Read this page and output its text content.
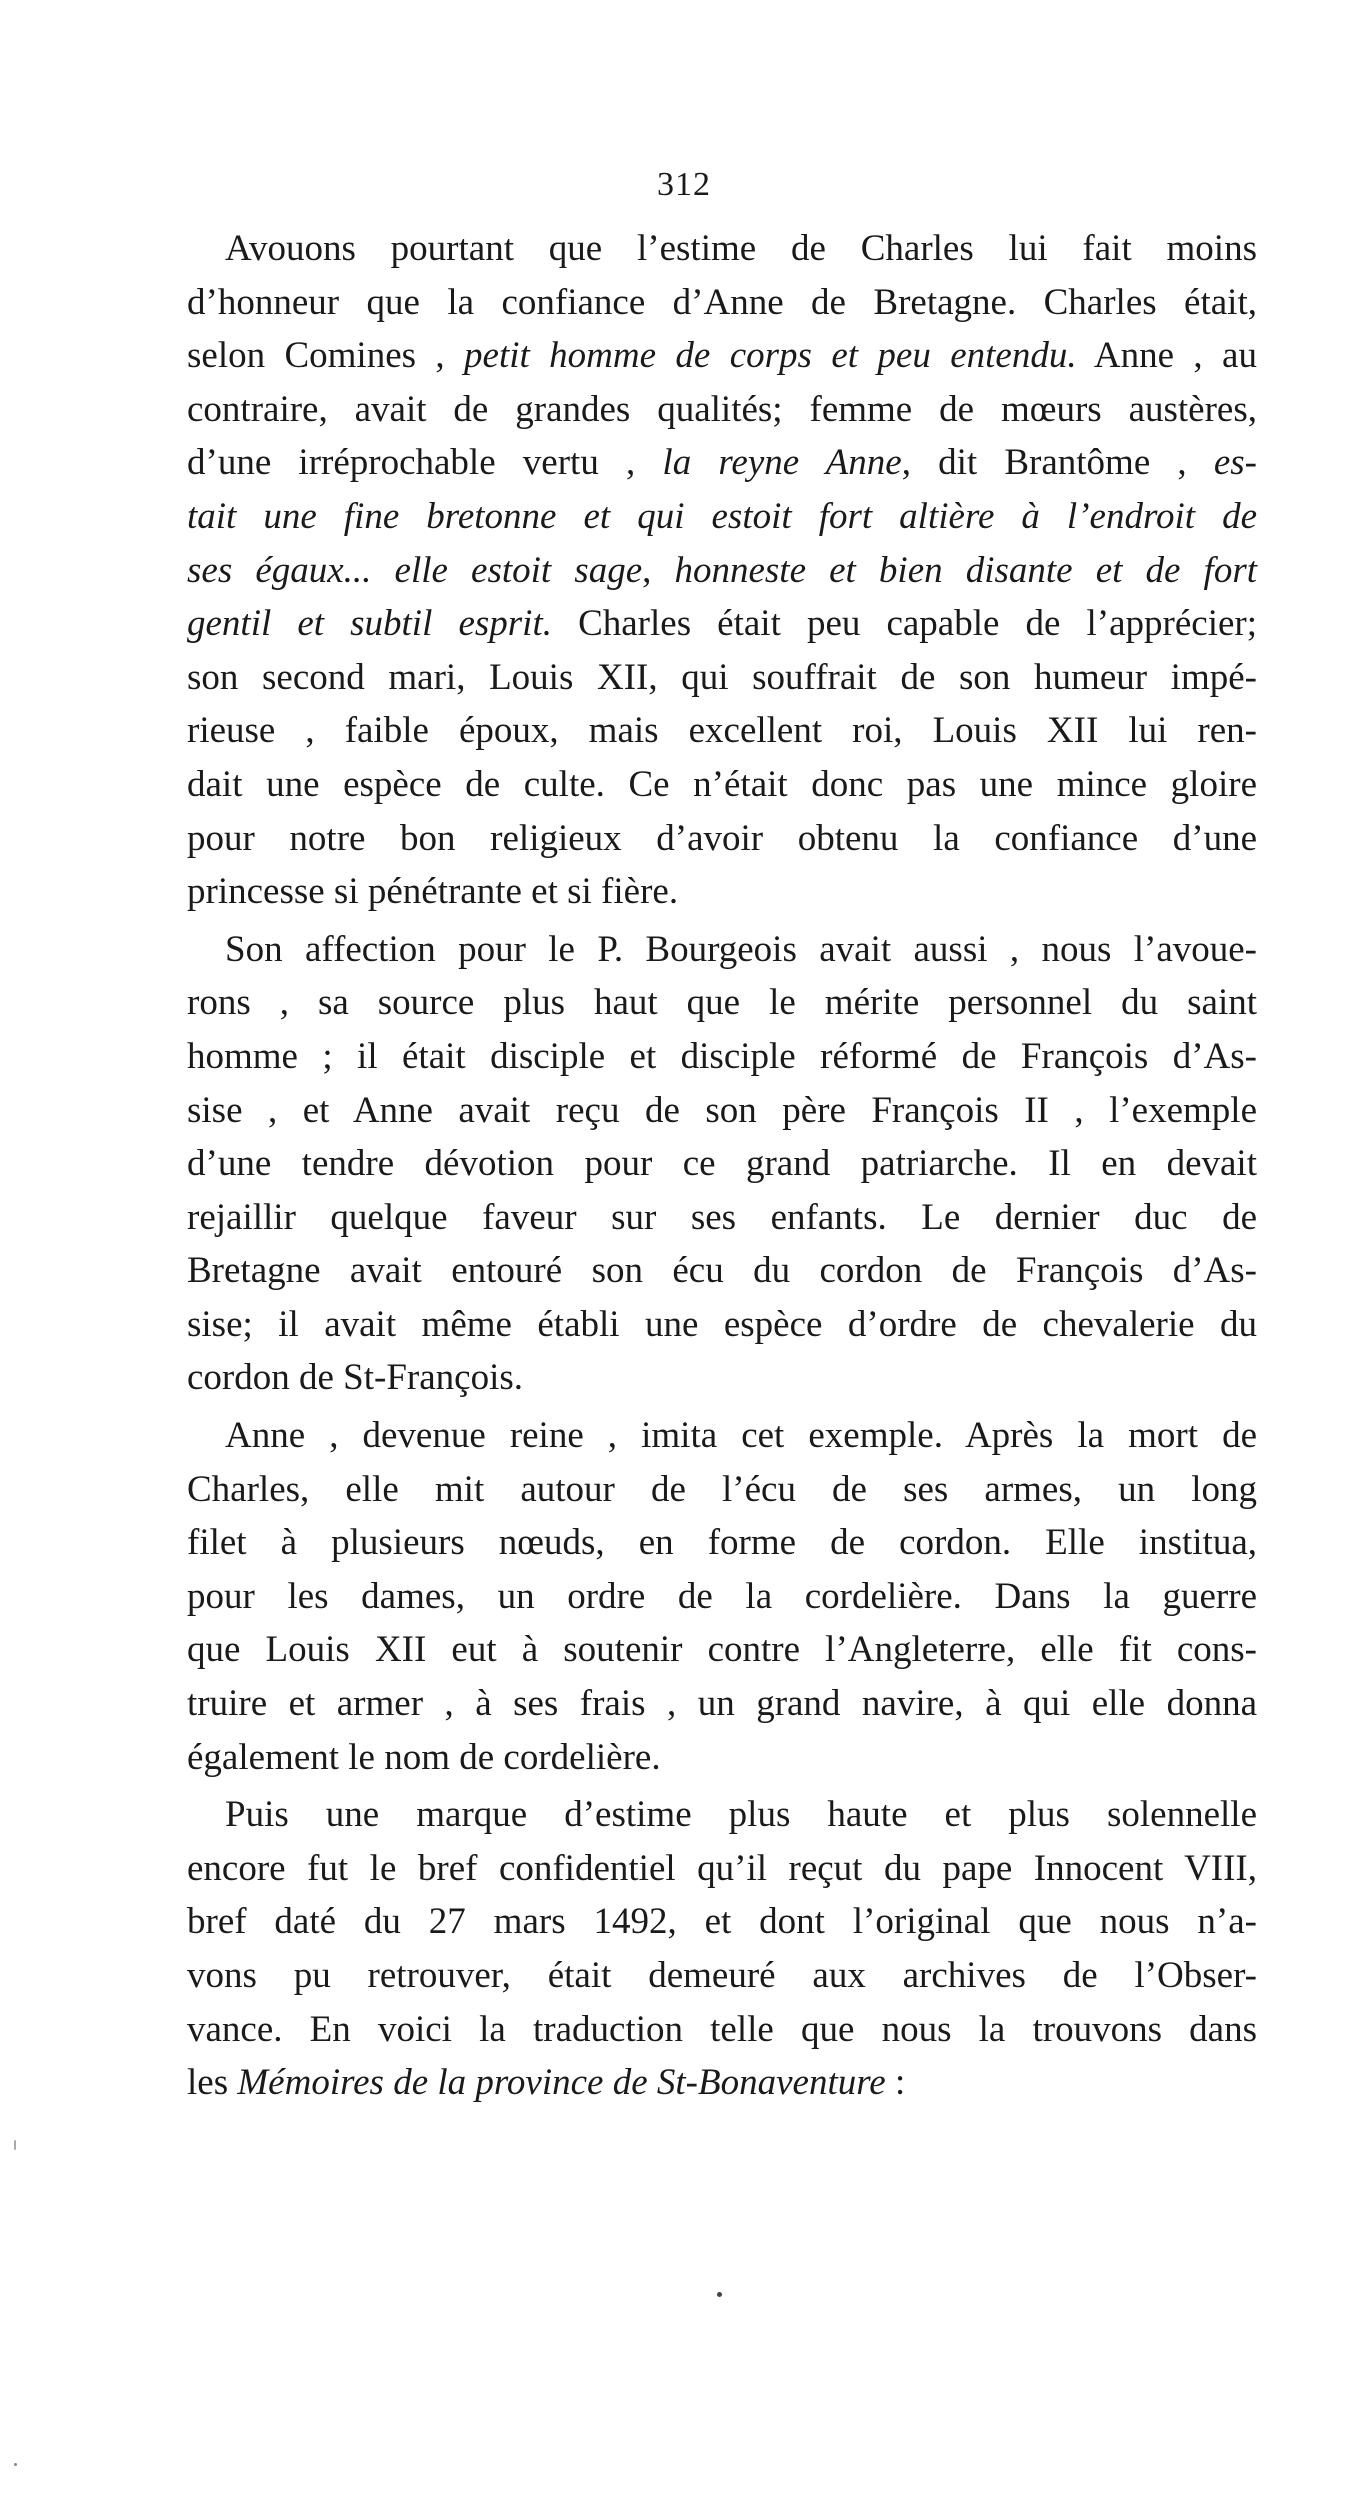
312
Avouons pourtant que l’estime de Charles lui fait moins
d’honneur que la confiance d’Anne de Bretagne. Charles était,
selon Comines , petit homme de corps et peu entendu. Anne , au
contraire, avait de grandes qualités; femme de mœurs austères,
d’une irréprochable vertu , la reyne Anne, dit Brantôme , es-
tait une fine bretonne et qui estoit fort altière à l’endroit de
ses égaux... elle estoit sage, honneste et bien disante et de fort
gentil et subtil esprit. Charles était peu capable de l’apprécier;
son second mari, Louis XII, qui souffrait de son humeur impé-
rieuse , faible époux, mais excellent roi, Louis XII lui ren-
dait une espèce de culte. Ce n’était donc pas une mince gloire
pour notre bon religieux d’avoir obtenu la confiance d’une
princesse si pénétrante et si fière.
Son affection pour le P. Bourgeois avait aussi , nous l’avoue-
rons , sa source plus haut que le mérite personnel du saint
homme ; il était disciple et disciple réformé de François d’As-
sise , et Anne avait reçu de son père François II , l’exemple
d’une tendre dévotion pour ce grand patriarche. Il en devait
rejaillir quelque faveur sur ses enfants. Le dernier duc de
Bretagne avait entouré son écu du cordon de François d’As-
sise; il avait même établi une espèce d’ordre de chevalerie du
cordon de St-François.
Anne , devenue reine , imita cet exemple. Après la mort de
Charles, elle mit autour de l’écu de ses armes, un long
filet à plusieurs nœuds, en forme de cordon. Elle institua,
pour les dames, un ordre de la cordelière. Dans la guerre
que Louis XII eut à soutenir contre l’Angleterre, elle fit cons-
truire et armer , à ses frais , un grand navire, à qui elle donna
également le nom de cordelière.
Puis une marque d’estime plus haute et plus solennelle
encore fut le bref confidentiel qu’il reçut du pape Innocent VIII,
bref daté du 27 mars 1492, et dont l’original que nous n’a-
vons pu retrouver, était demeuré aux archives de l’Obser-
vance. En voici la traduction telle que nous la trouvons dans
les Mémoires de la province de St-Bonaventure :
